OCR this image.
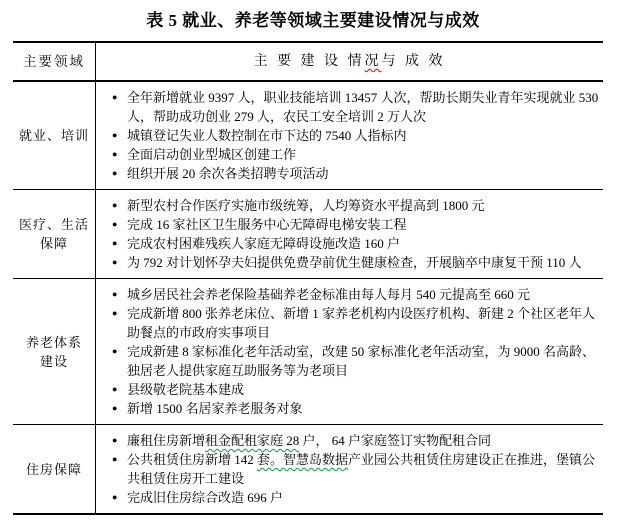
表 5 就业、养老等领域主要建设情况与成效
主要领域	主 要 建 设 情 况 与 成 效
就业、培训
● 全年新增就业 9397 人，职业技能培训 13457 人次，帮助长期失业青年实现就业 530 人，帮助成功创业 279 人，农民工安全培训 2 万人次
● 城镇登记失业人数控制在市下达的 7540 人指标内
● 全面启动创业型城区创建工作
● 组织开展 20 余次各类招聘专项活动
医疗、生活
保障
● 新型农村合作医疗实施市级统筹，人均筹资水平提高到 1800 元
● 完成 16 家社区卫生服务中心无障碍电梯安装工程
● 完成农村困难残疾人家庭无障碍设施改造 160 户
● 为 792 对计划怀孕夫妇提供免费孕前优生健康检查，开展脑卒中康复干预 110 人
养老体系
建设
● 城乡居民社会养老保险基础养老金标准由每人每月 540 元提高至 660 元
● 完成新增 800 张养老床位、新增 1 家养老机构内设医疗机构、新建 2 个社区老年人助餐点的市政府实事项目
● 完成新建 8 家标准化老年活动室，改建 50 家标准化老年活动室，为 9000 名高龄、独居老人提供家庭互助服务等为老项目
● 县级敬老院基本建成
● 新增 1500 名居家养老服务对象
住房保障
● 廉租住房新增租金配租家庭 28 户， 64 户家庭签订实物配租合同
● 公共租赁住房新增 142 套。智慧岛数据产业园公共租赁住房建设正在推进，堡镇公共租赁住房开工建设
● 完成旧住房综合改造 696 户
